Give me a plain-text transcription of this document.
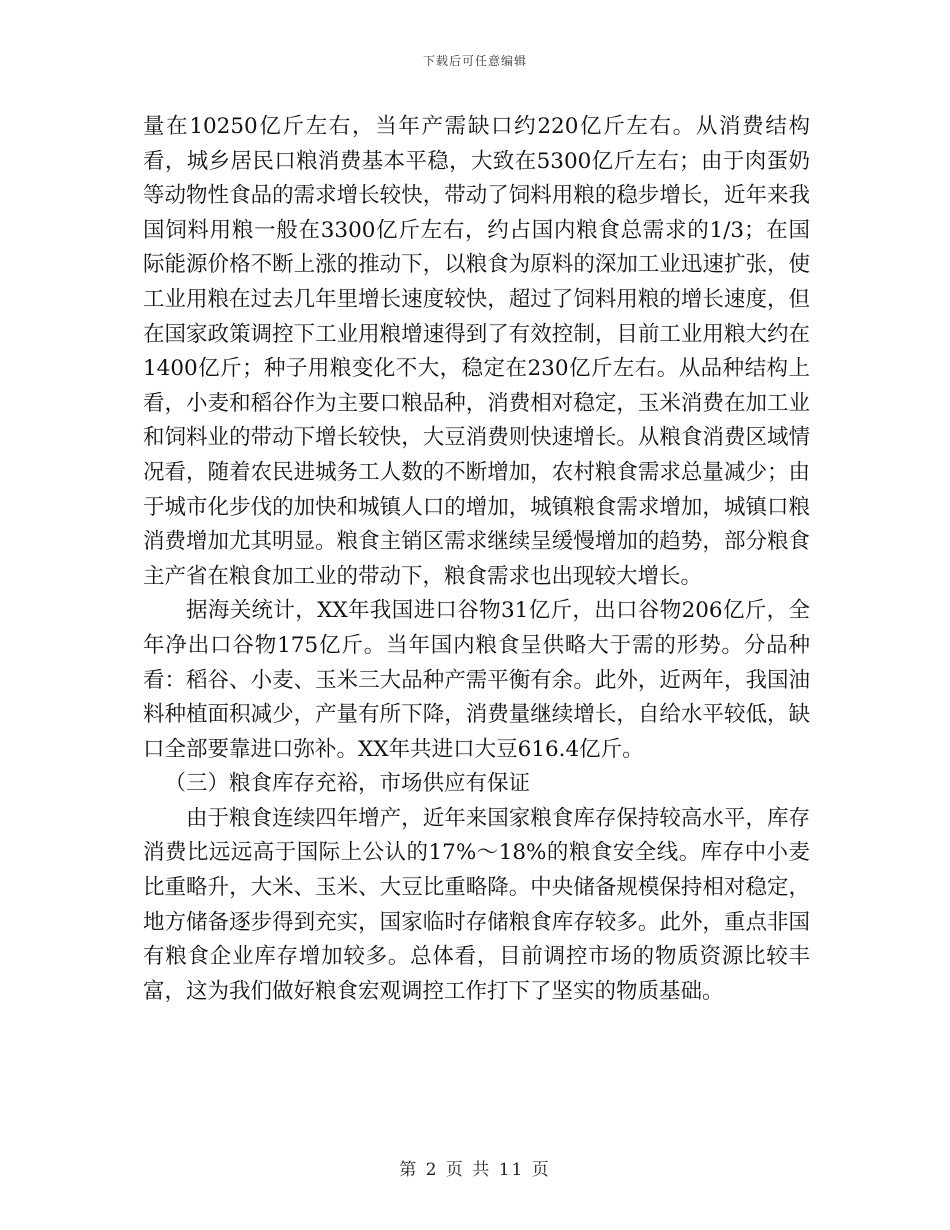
下载后可任意编辑

量在10250亿斤左右，当年产需缺口约220亿斤左右。从消费结构看，城乡居民口粮消费基本平稳，大致在5300亿斤左右；由于肉蛋奶等动物性食品的需求增长较快，带动了饲料用粮的稳步增长，近年来我国饲料用粮一般在3300亿斤左右，约占国内粮食总需求的1/3；在国际能源价格不断上涨的推动下，以粮食为原料的深加工业迅速扩张，使工业用粮在过去几年里增长速度较快，超过了饲料用粮的增长速度，但在国家政策调控下工业用粮增速得到了有效控制，目前工业用粮大约在1400亿斤；种子用粮变化不大，稳定在230亿斤左右。从品种结构上看，小麦和稻谷作为主要口粮品种，消费相对稳定，玉米消费在加工业和饲料业的带动下增长较快，大豆消费则快速增长。从粮食消费区域情况看，随着农民进城务工人数的不断增加，农村粮食需求总量减少；由于城市化步伐的加快和城镇人口的增加，城镇粮食需求增加，城镇口粮消费增加尤其明显。粮食主销区需求继续呈缓慢增加的趋势，部分粮食主产省在粮食加工业的带动下，粮食需求也出现较大增长。

据海关统计，XX年我国进口谷物31亿斤，出口谷物206亿斤，全年净出口谷物175亿斤。当年国内粮食呈供略大于需的形势。分品种看：稻谷、小麦、玉米三大品种产需平衡有余。此外，近两年，我国油料种植面积减少，产量有所下降，消费量继续增长，自给水平较低，缺口全部要靠进口弥补。XX年共进口大豆616.4亿斤。

（三）粮食库存充裕，市场供应有保证

由于粮食连续四年增产，近年来国家粮食库存保持较高水平，库存消费比远远高于国际上公认的17%～18%的粮食安全线。库存中小麦比重略升，大米、玉米、大豆比重略降。中央储备规模保持相对稳定，地方储备逐步得到充实，国家临时存储粮食库存较多。此外，重点非国有粮食企业库存增加较多。总体看，目前调控市场的物质资源比较丰富，这为我们做好粮食宏观调控工作打下了坚实的物质基础。

第 2 页 共 11 页
